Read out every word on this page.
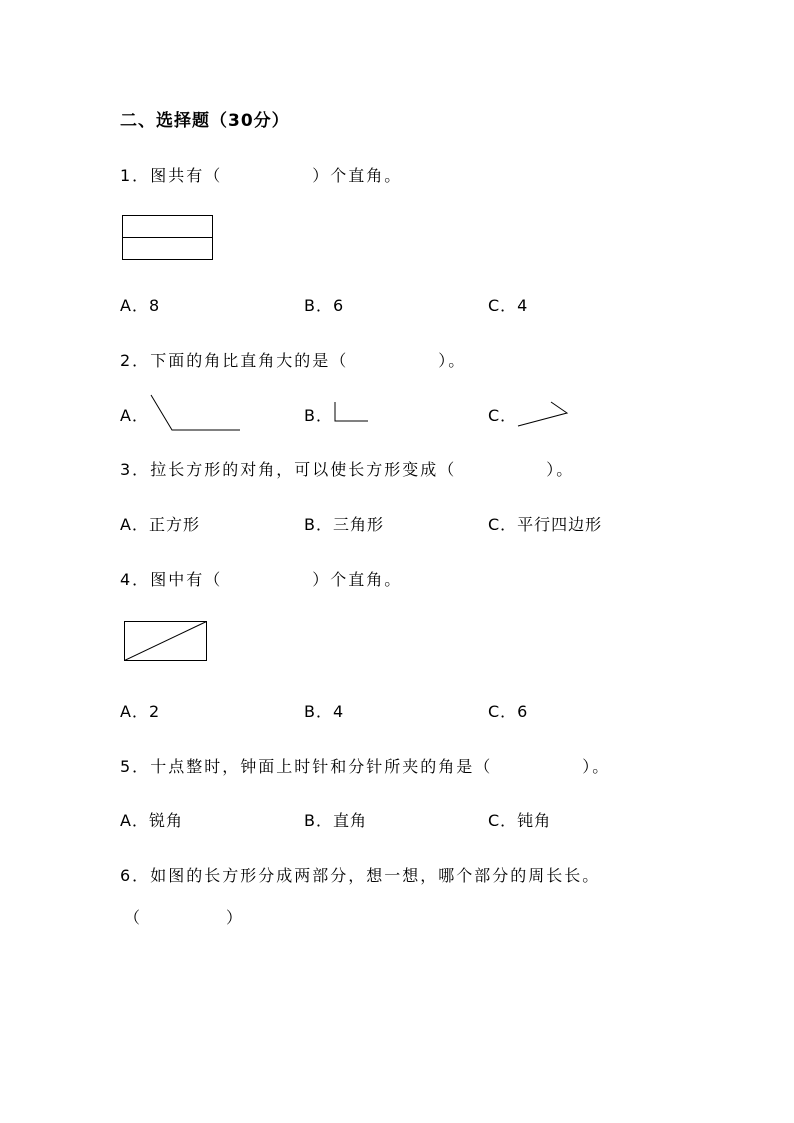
二、选择题（30分）
1．图共有（　　　　　）个直角。
A．8	B．6	C．4
2．下面的角比直角大的是（　　　　　）。
A．	B．	C．
3．拉长方形的对角，可以使长方形变成（　　　　　）。
A．正方形	B．三角形	C．平行四边形
4．图中有（　　　　　）个直角。
A．2	B．4	C．6
5．十点整时，钟面上时针和分针所夹的角是（　　　　　）。
A．锐角	B．直角	C．钝角
6．如图的长方形分成两部分，想一想，哪个部分的周长长。
（　　　　　）
